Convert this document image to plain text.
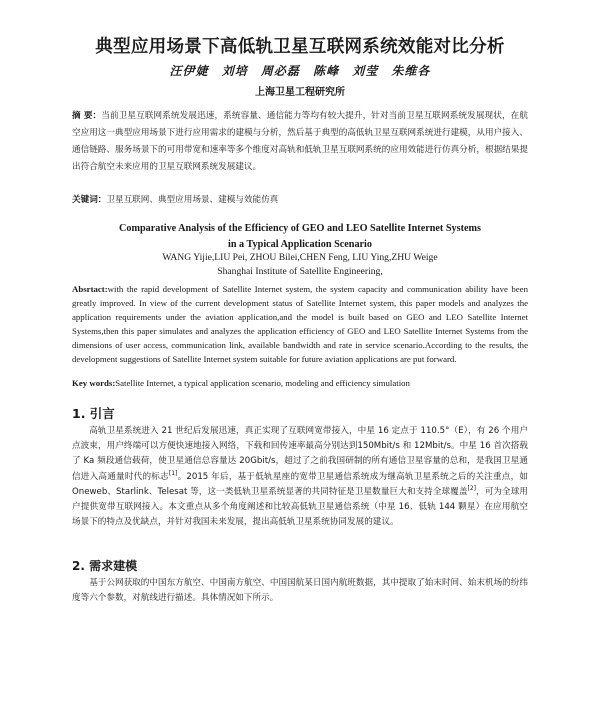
典型应用场景下高低轨卫星互联网系统效能对比分析
汪伊婕 刘培 周必磊 陈峰 刘莹 朱维各
上海卫星工程研究所
摘 要：当前卫星互联网系统发展迅速，系统容量、通信能力等均有较大提升，针对当前卫星互联网系统发展现状，在航空应用这一典型应用场景下进行应用需求的建模与分析，然后基于典型的高低轨卫星互联网系统进行建模，从用户接入、通信链路、服务场景下的可用带宽和速率等多个维度对高轨和低轨卫星互联网系统的应用效能进行仿真分析，根据结果提出符合航空未来应用的卫星互联网系统发展建议。
关键词：卫星互联网、典型应用场景、建模与效能仿真
Comparative Analysis of the Efficiency of GEO and LEO Satellite Internet Systems
in a Typical Application Scenario
WANG Yijie,LIU Pei, ZHOU Bilei,CHEN Feng, LIU Ying,ZHU Weige
Shanghai Institute of Satellite Engineering,
Absrtact:with the rapid development of Satellite Internet system, the system capacity and communication ability have been greatly improved. In view of the current development status of Satellite Internet system, this paper models and analyzes the application requirements under the aviation application,and the model is built based on GEO and LEO Satellite Internet Systems,then this paper simulates and analyzes the application efficiency of GEO and LEO Satellite Internet Systems from the dimensions of user access, communication link, available bandwidth and rate in service scenario.According to the results, the development suggestions of Satellite Internet system suitable for future aviation applications are put forward.
Key words:Satellite Internet, a typical application scenario, modeling and efficiency simulation
1. 引言
高轨卫星系统进入 21 世纪后发展迅速，真正实现了互联网宽带接入，中星 16 定点于 110.5°（E），有 26 个用户点波束，用户终端可以方便快速地接入网络，下载和回传速率最高分别达到150Mbit/s 和 12Mbit/s。中星 16 首次搭载了 Ka 频段通信载荷，使卫星通信总容量达 20Gbit/s，超过了之前我国研制的所有通信卫星容量的总和，是我国卫星通信进入高通量时代的标志[1]。2015 年后，基于低轨星座的宽带卫星通信系统成为继高轨卫星系统之后的关注重点，如 Oneweb、Starlink、Telesat 等，这一类低轨卫星系统显著的共同特征是卫星数量巨大和支持全球覆盖[2]，可为全球用户提供宽带互联网接入。本文重点从多个角度阐述和比较高低轨卫星通信系统（中星 16、低轨 144 颗星）在应用航空场景下的特点及优缺点，并针对我国未来发展，提出高低轨卫星系统协同发展的建议。
2. 需求建模
基于公网获取的中国东方航空、中国南方航空、中国国航某日国内航班数据，其中提取了始末时间、始末机场的纷纬度等六个参数，对航线进行描述。具体情况如下所示。
